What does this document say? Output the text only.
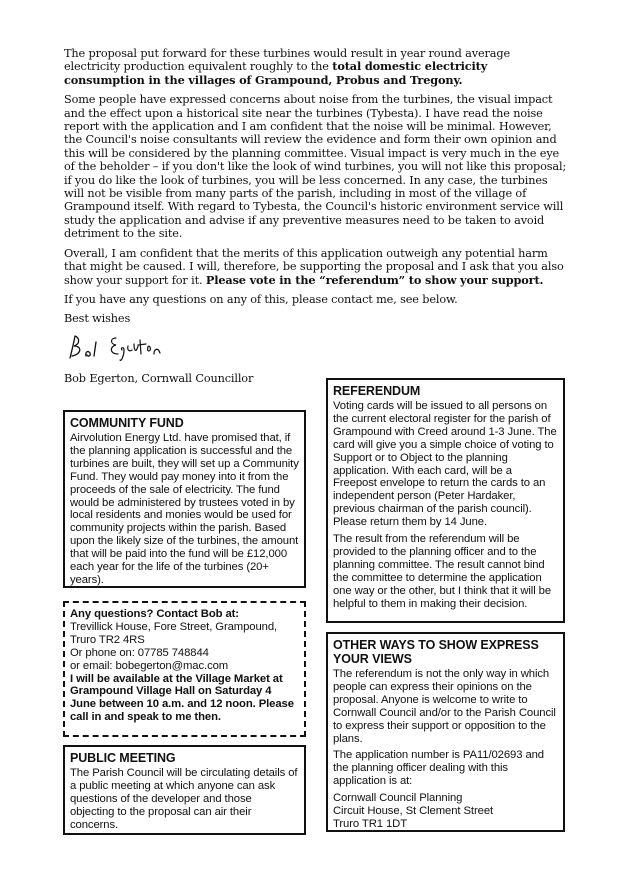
The proposal put forward for these turbines would result in year round average electricity production equivalent roughly to the total domestic electricity consumption in the villages of Grampound, Probus and Tregony.

Some people have expressed concerns about noise from the turbines, the visual impact and the effect upon a historical site near the turbines (Tybesta). I have read the noise report with the application and I am confident that the noise will be minimal. However, the Council's noise consultants will review the evidence and form their own opinion and this will be considered by the planning committee. Visual impact is very much in the eye of the beholder – if you don't like the look of wind turbines, you will not like this proposal; if you do like the look of turbines, you will be less concerned. In any case, the turbines will not be visible from many parts of the parish, including in most of the village of Grampound itself. With regard to Tybesta, the Council's historic environment service will study the application and advise if any preventive measures need to be taken to avoid detriment to the site.

Overall, I am confident that the merits of this application outweigh any potential harm that might be caused. I will, therefore, be supporting the proposal and I ask that you also show your support for it. Please vote in the “referendum” to show your support.

If you have any questions on any of this, please contact me, see below.

Best wishes

Bob Egerton, Cornwall Councillor

COMMUNITY FUND

Airvolution Energy Ltd. have promised that, if the planning application is successful and the turbines are built, they will set up a Community Fund. They would pay money into it from the proceeds of the sale of electricity. The fund would be administered by trustees voted in by local residents and monies would be used for community projects within the parish. Based upon the likely size of the turbines, the amount that will be paid into the fund will be £12,000 each year for the life of the turbines (20+ years).

Any questions? Contact Bob at:
Trevillick House, Fore Street, Grampound,
Truro TR2 4RS
Or phone on: 07785 748844
or email: bobegerton@mac.com
I will be available at the Village Market at Grampound Village Hall on Saturday 4 June between 10 a.m. and 12 noon. Please call in and speak to me then.
PUBLIC MEETING

The Parish Council will be circulating details of a public meeting at which anyone can ask questions of the developer and those objecting to the proposal can air their concerns.

REFERENDUM

Voting cards will be issued to all persons on the current electoral register for the parish of Grampound with Creed around 1-3 June. The card will give you a simple choice of voting to Support or to Object to the planning application. With each card, will be a Freepost envelope to return the cards to an independent person (Peter Hardaker, previous chairman of the parish council). Please return them by 14 June.

The result from the referendum will be provided to the planning officer and to the planning committee. The result cannot bind the committee to determine the application one way or the other, but I think that it will be helpful to them in making their decision.

OTHER WAYS TO SHOW EXPRESS YOUR VIEWS

The referendum is not the only way in which people can express their opinions on the proposal. Anyone is welcome to write to Cornwall Council and/or to the Parish Council to express their support or opposition to the plans.

The application number is PA11/02693 and the planning officer dealing with this application is at:

Cornwall Council Planning
Circuit House, St Clement Street
Truro TR1 1DT
